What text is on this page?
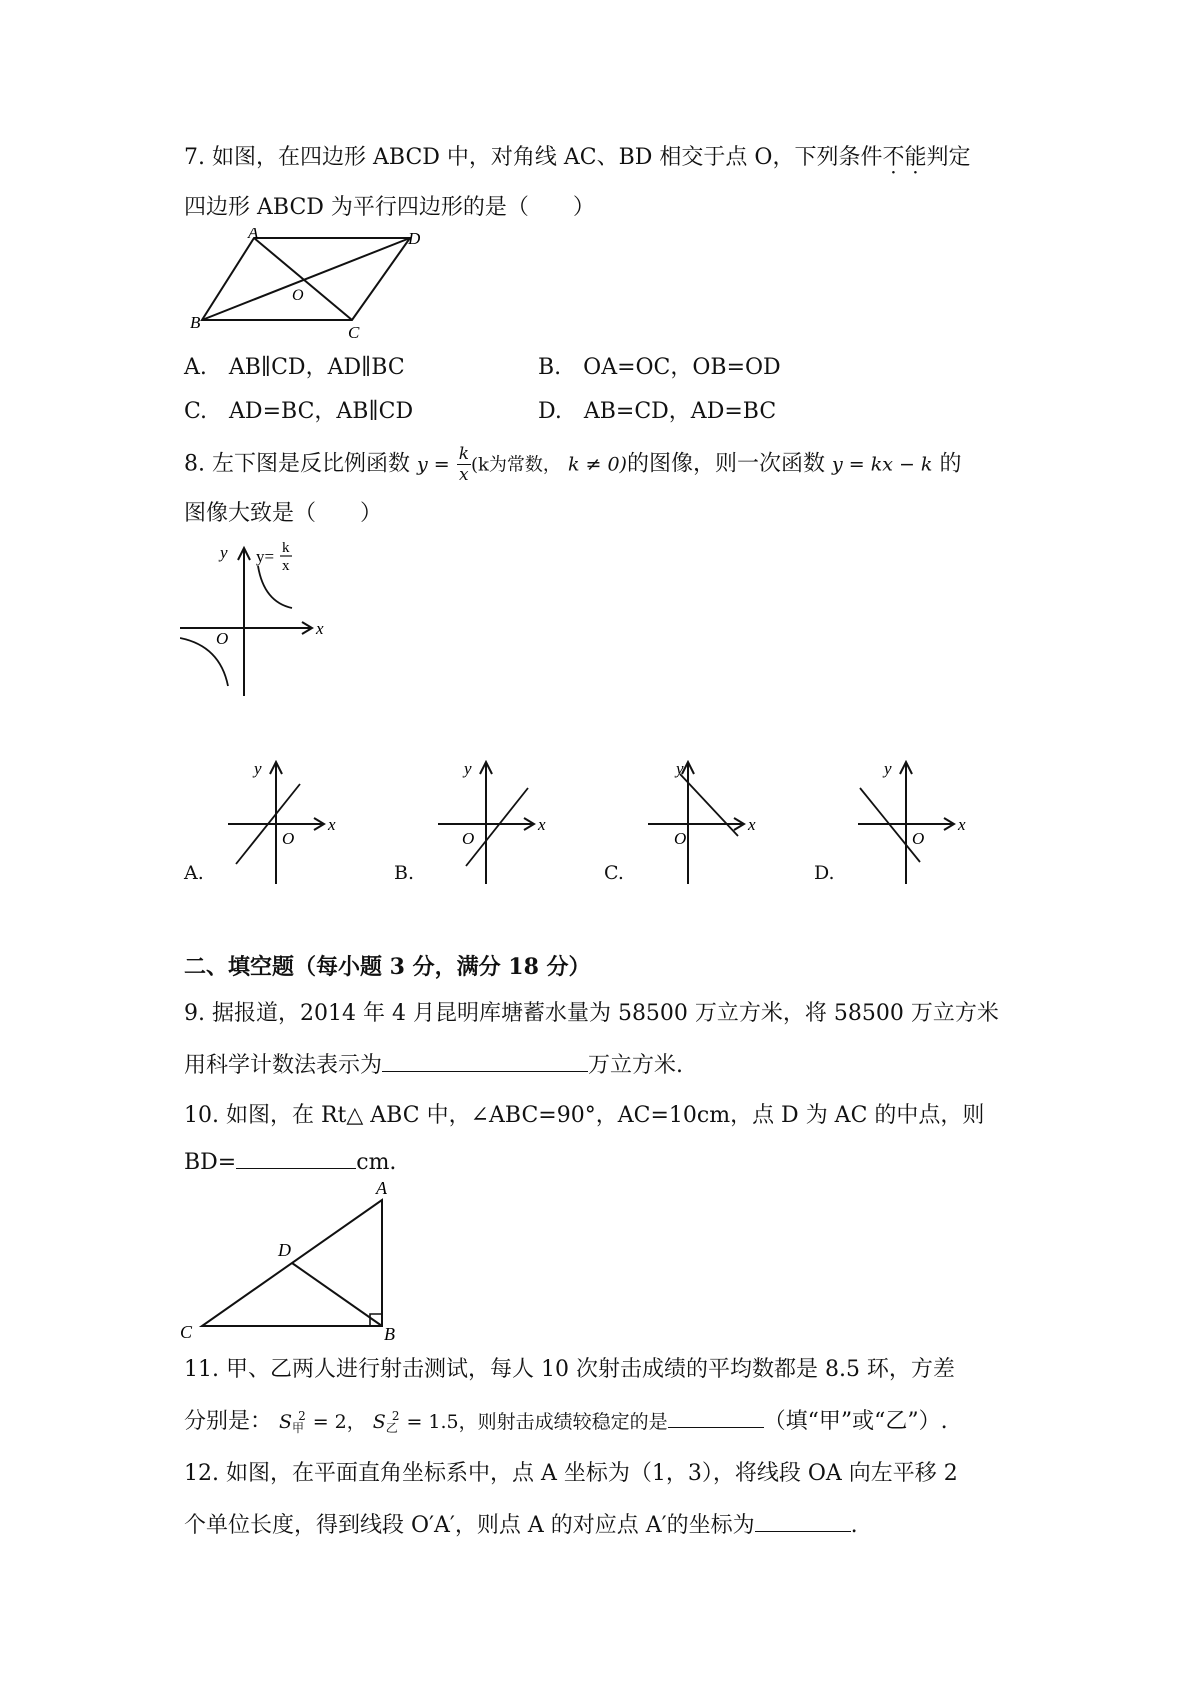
7. 如图，在四边形 ABCD 中，对角线 AC、BD 相交于点 O，下列条件不能判定
四边形 ABCD 为平行四边形的是（　　）
A	D
B
C
O
A.　AB∥CD，AD∥BC	B.　OA=OC，OB=OD
C.　AD=BC，AB∥CD	D.　AB=CD，AD=BC
8. 左下图是反比例函数 $y = \frac{k}{x} (k$为常数， k ≠ 0)的图像，则一次函数 y = kx − k 的
图像大致是（　　）
y
x
O
y= k
x
y
x
O
y
x
O
y
x
O
y
x
O
A.	B.	C.	D.
二、填空题（每小题 3 分，满分 18 分）
9. 据报道，2014 年 4 月昆明库塘蓄水量为 58500 万立方米，将 58500 万立方米
用科学计数法表示为	万立方米.
10. 如图，在 Rt△ ABC 中，∠ABC=90°，AC=10cm，点 D 为 AC 的中点，则
BD=	cm.
A
C	B
D
11. 甲、乙两人进行射击测试，每人 10 次射击成绩的平均数都是 8.5 环，方差
分别是： $S_甲^2 = 2$， $S_乙^2 = 1.5$，则射击成绩较稳定的是	（填“甲”或“乙”）.
12. 如图，在平面直角坐标系中，点 A 坐标为（1，3），将线段 OA 向左平移 2
个单位长度，得到线段 O′A′，则点 A 的对应点 A′的坐标为	.
